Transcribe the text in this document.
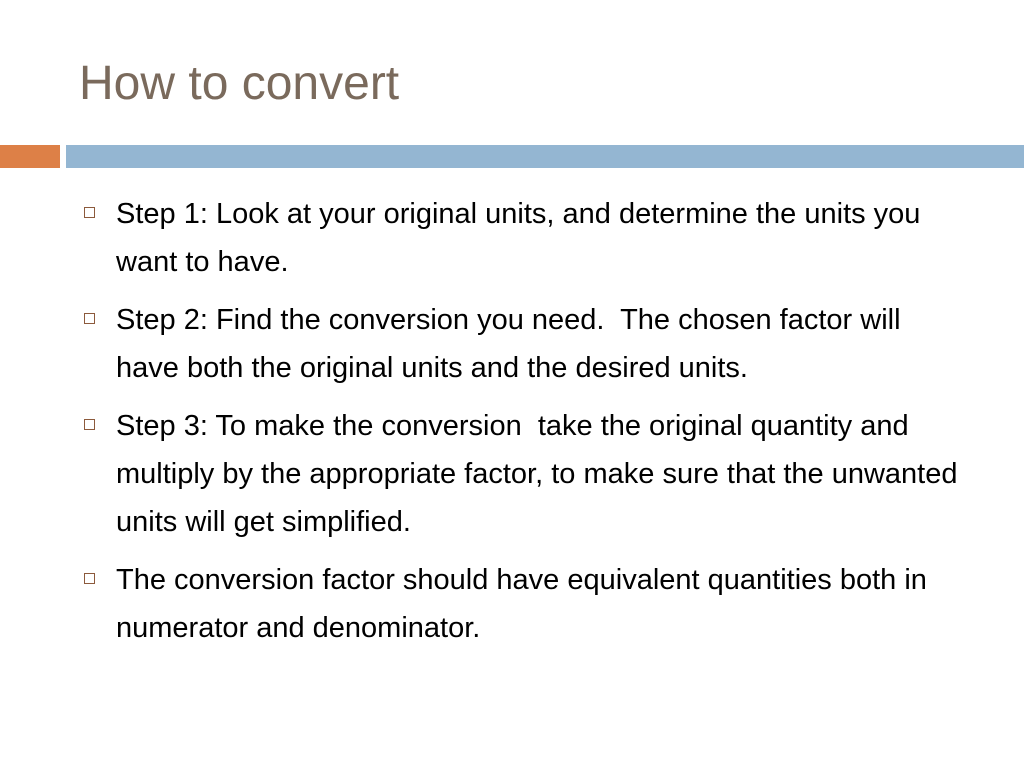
How to convert
Step 1: Look at your original units, and determine the units you want to have.
Step 2: Find the conversion you need.  The chosen factor will have both the original units and the desired units.
Step 3: To make the conversion  take the original quantity and multiply by the appropriate factor, to make sure that the unwanted units will get simplified.
The conversion factor should have equivalent quantities both in numerator and denominator.
